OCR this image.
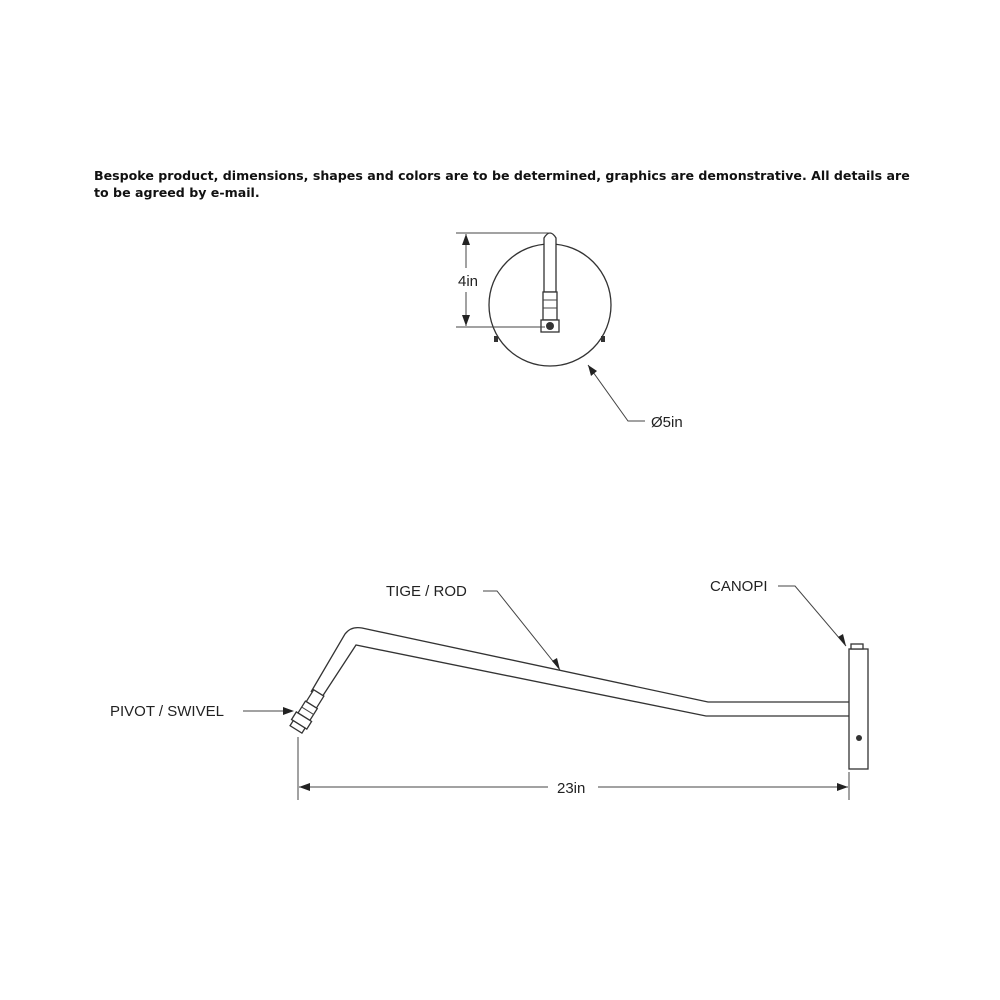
Bespoke product, dimensions, shapes and colors are to be determined, graphics are demonstrative. All details are to be agreed by e-mail.
4in
Ø5in
TIGE / ROD	CANOPI
PIVOT / SWIVEL
23in
